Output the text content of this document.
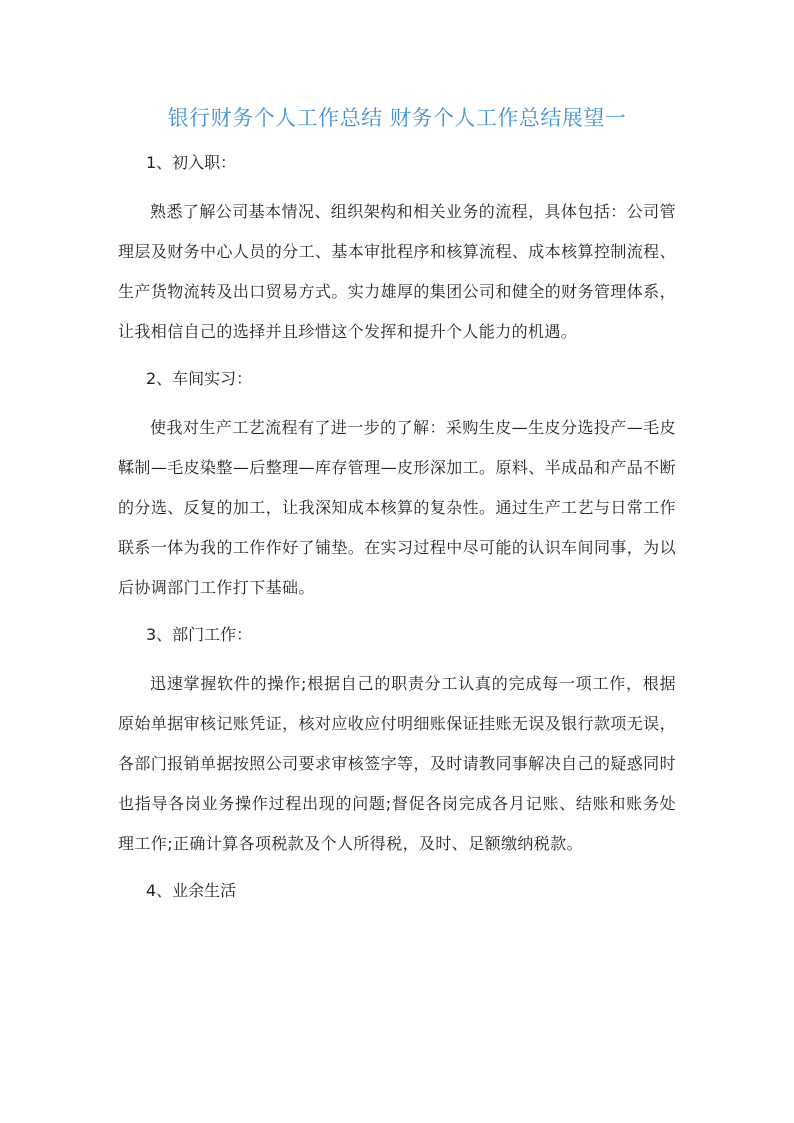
银行财务个人工作总结 财务个人工作总结展望一

1、初入职：

熟悉了解公司基本情况、组织架构和相关业务的流程，具体包括：公司管理层及财务中心人员的分工、基本审批程序和核算流程、成本核算控制流程、生产货物流转及出口贸易方式。实力雄厚的集团公司和健全的财务管理体系，让我相信自己的选择并且珍惜这个发挥和提升个人能力的机遇。

2、车间实习：

使我对生产工艺流程有了进一步的了解：采购生皮—生皮分选投产—毛皮鞣制—毛皮染整—后整理—库存管理—皮形深加工。原料、半成品和产品不断的分选、反复的加工，让我深知成本核算的复杂性。通过生产工艺与日常工作联系一体为我的工作作好了铺垫。在实习过程中尽可能的认识车间同事，为以后协调部门工作打下基础。

3、部门工作：

迅速掌握软件的操作;根据自己的职责分工认真的完成每一项工作，根据原始单据审核记账凭证，核对应收应付明细账保证挂账无误及银行款项无误，各部门报销单据按照公司要求审核签字等，及时请教同事解决自己的疑惑同时也指导各岗业务操作过程出现的问题;督促各岗完成各月记账、结账和账务处理工作;正确计算各项税款及个人所得税，及时、足额缴纳税款。

4、业余生活
